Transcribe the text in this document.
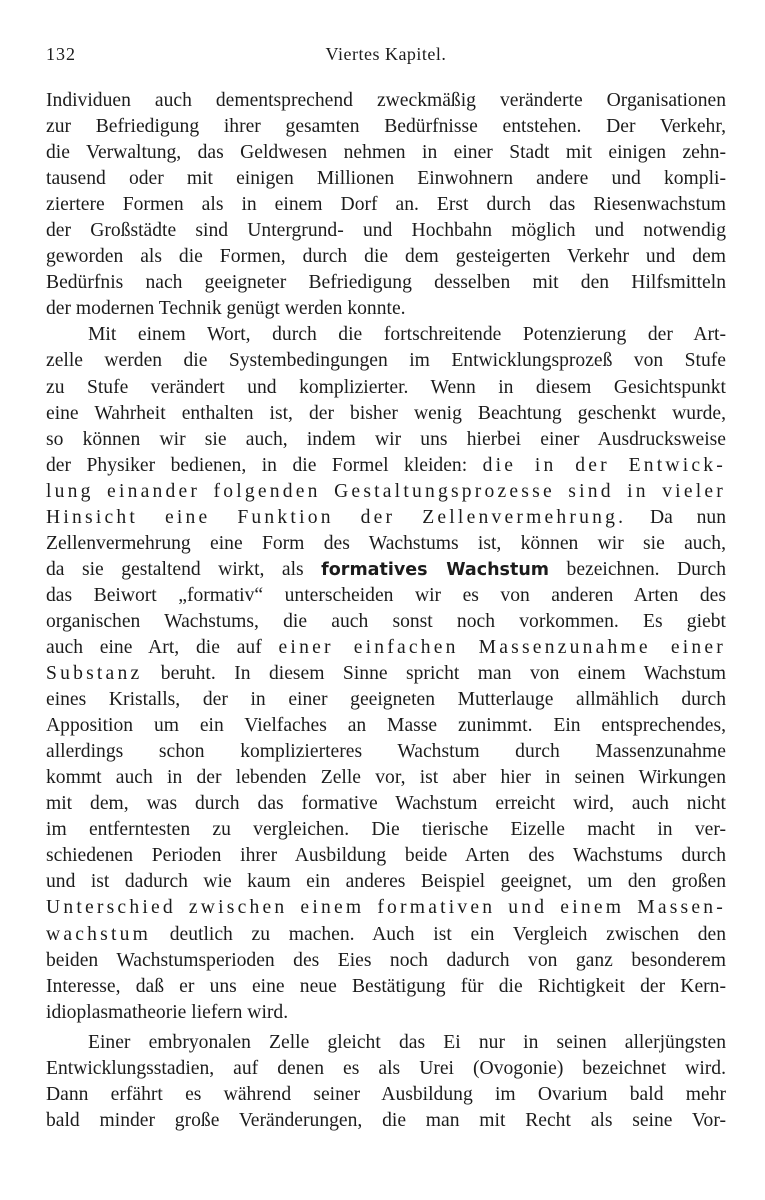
132	Viertes Kapitel.
Individuen auch dementsprechend zweckmäßig veränderte Organisationen
zur Befriedigung ihrer gesamten Bedürfnisse entstehen. Der Verkehr,
die Verwaltung, das Geldwesen nehmen in einer Stadt mit einigen zehn-
tausend oder mit einigen Millionen Einwohnern andere und kompli-
ziertere Formen als in einem Dorf an. Erst durch das Riesenwachstum
der Großstädte sind Untergrund- und Hochbahn möglich und notwendig
geworden als die Formen, durch die dem gesteigerten Verkehr und dem
Bedürfnis nach geeigneter Befriedigung desselben mit den Hilfsmitteln
der modernen Technik genügt werden konnte.
Mit einem Wort, durch die fortschreitende Potenzierung der Art-
zelle werden die Systembedingungen im Entwicklungsprozeß von Stufe
zu Stufe verändert und komplizierter. Wenn in diesem Gesichtspunkt
eine Wahrheit enthalten ist, der bisher wenig Beachtung geschenkt wurde,
so können wir sie auch, indem wir uns hierbei einer Ausdrucksweise
der Physiker bedienen, in die Formel kleiden: die in der Entwick-
lung einander folgenden Gestaltungsprozesse sind in vieler
Hinsicht eine Funktion der Zellenvermehrung. Da nun
Zellenvermehrung eine Form des Wachstums ist, können wir sie auch,
da sie gestaltend wirkt, als formatives Wachstum bezeichnen. Durch
das Beiwort „formativ“ unterscheiden wir es von anderen Arten des
organischen Wachstums, die auch sonst noch vorkommen. Es giebt
auch eine Art, die auf einer einfachen Massenzunahme einer
Substanz beruht. In diesem Sinne spricht man von einem Wachstum
eines Kristalls, der in einer geeigneten Mutterlauge allmählich durch
Apposition um ein Vielfaches an Masse zunimmt. Ein entsprechendes,
allerdings schon komplizierteres Wachstum durch Massenzunahme
kommt auch in der lebenden Zelle vor, ist aber hier in seinen Wirkungen
mit dem, was durch das formative Wachstum erreicht wird, auch nicht
im entferntesten zu vergleichen. Die tierische Eizelle macht in ver-
schiedenen Perioden ihrer Ausbildung beide Arten des Wachstums durch
und ist dadurch wie kaum ein anderes Beispiel geeignet, um den großen
Unterschied zwischen einem formativen und einem Massen-
wachstum deutlich zu machen. Auch ist ein Vergleich zwischen den
beiden Wachstumsperioden des Eies noch dadurch von ganz besonderem
Interesse, daß er uns eine neue Bestätigung für die Richtigkeit der Kern-
idioplasmatheorie liefern wird.
Einer embryonalen Zelle gleicht das Ei nur in seinen allerjüngsten
Entwicklungsstadien, auf denen es als Urei (Ovogonie) bezeichnet wird.
Dann erfährt es während seiner Ausbildung im Ovarium bald mehr
bald minder große Veränderungen, die man mit Recht als seine Vor-
